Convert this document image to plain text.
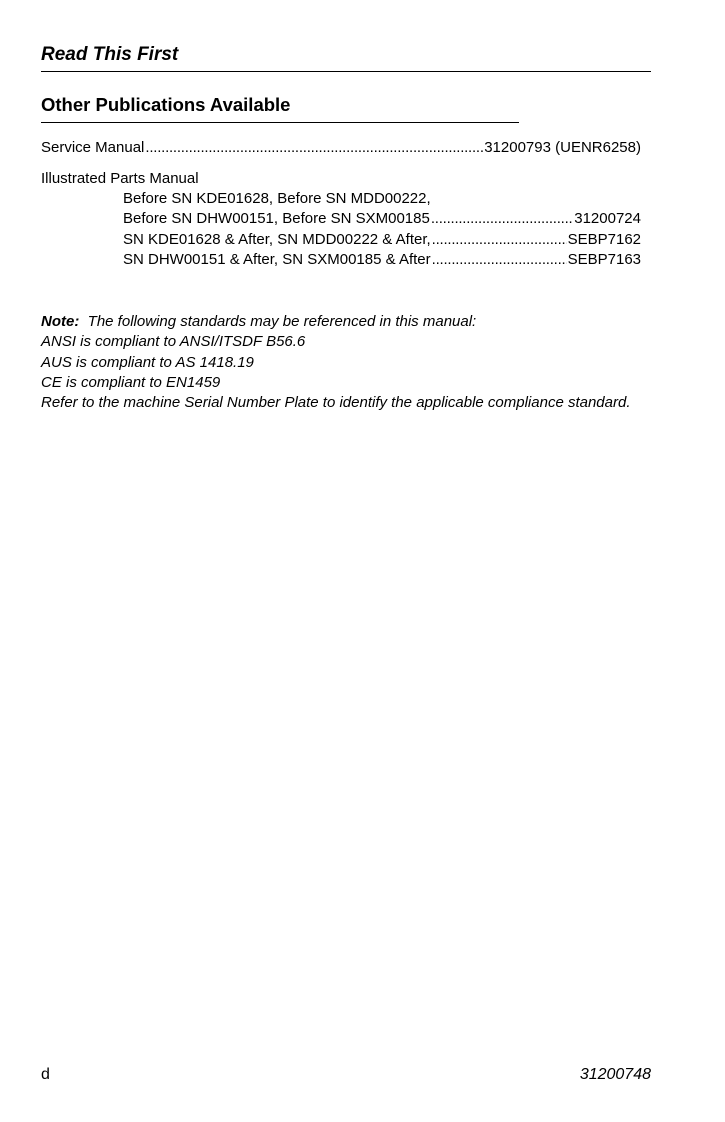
Read This First
Other Publications Available
Service Manual . . .	31200793 (UENR6258)
Illustrated Parts Manual
Before SN KDE01628, Before SN MDD00222,
Before SN DHW00151, Before SN SXM00185 . . .	31200724
SN KDE01628 & After, SN MDD00222 & After, . . .	SEBP7162
SN DHW00151 & After, SN SXM00185 & After . . .	SEBP7163
Note: The following standards may be referenced in this manual:
ANSI is compliant to ANSI/ITSDF B56.6
AUS is compliant to AS 1418.19
CE is compliant to EN1459
Refer to the machine Serial Number Plate to identify the applicable compliance standard.
d	31200748
